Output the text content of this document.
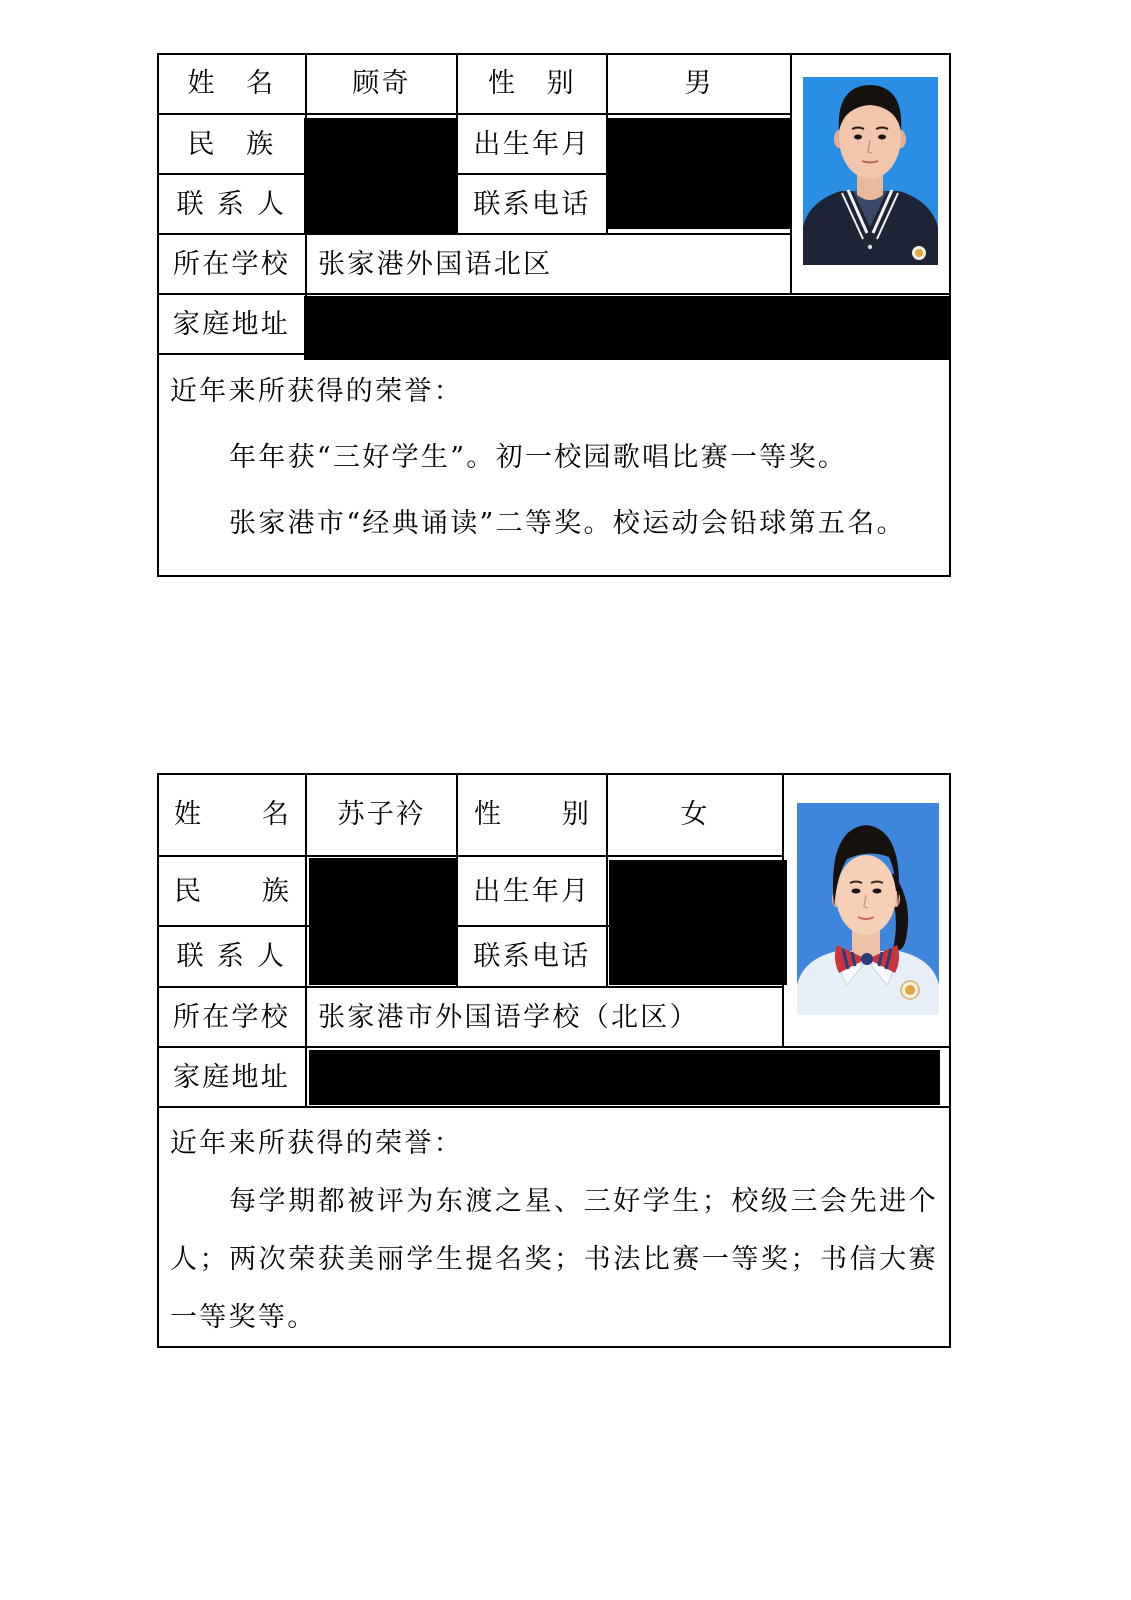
姓　名	顾奇	性　别	男
民　族	出生年月
联 系 人	联系电话
所在学校	张家港外国语北区
家庭地址

近年来所获得的荣誉：

年年获“三好学生”。初一校园歌唱比赛一等奖。

张家港市“经典诵读”二等奖。校运动会铅球第五名。

姓　　名	苏子衿	性　　别	女
民　　族	出生年月
联 系 人	联系电话
所在学校	张家港市外国语学校（北区）
家庭地址

近年来所获得的荣誉：

每学期都被评为东渡之星、三好学生；校级三会先进个人；两次荣获美丽学生提名奖；书法比赛一等奖；书信大赛一等奖等。
